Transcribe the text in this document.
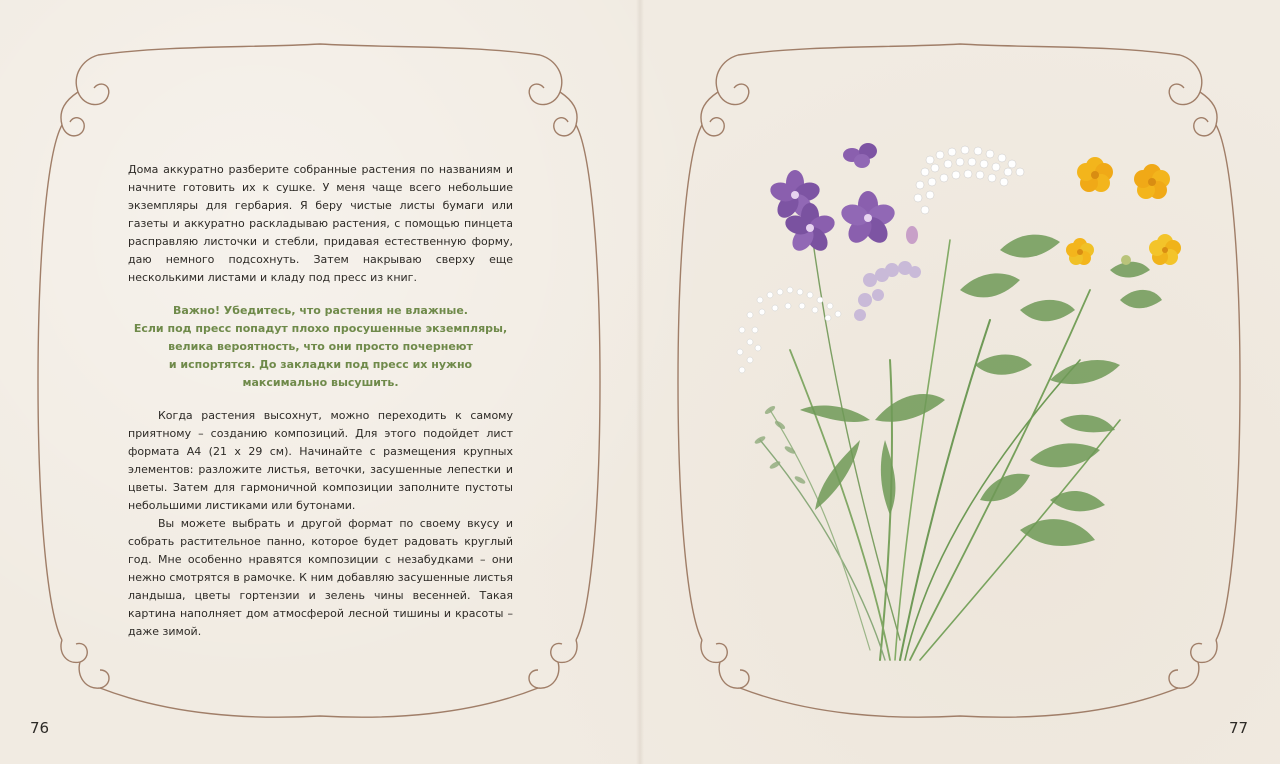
Дома аккуратно разберите собранные растения по названиям и начните готовить их к сушке. У меня чаще всего небольшие экземпляры для гербария. Я беру чистые листы бумаги или газеты и аккуратно раскладываю растения, с помощью пинцета расправляю листочки и стебли, придавая естественную форму, даю немного подсохнуть. Затем накрываю сверху еще несколькими листами и кладу под пресс из книг.

Важно! Убедитесь, что растения не влажные.
Если под пресс попадут плохо просушенные экземпляры,
велика вероятность, что они просто почернеют
и испортятся. До закладки под пресс их нужно
максимально высушить.

Когда растения высохнут, можно переходить к самому приятному – созданию композиций. Для этого подойдет лист формата А4 (21 х 29 см). Начинайте с размещения крупных элементов: разложите листья, веточки, засушенные лепестки и цветы. Затем для гармоничной композиции заполните пустоты небольшими листиками или бутонами.

Вы можете выбрать и другой формат по своему вкусу и собрать растительное панно, которое будет радовать круглый год. Мне особенно нравятся композиции с незабудками – они нежно смотрятся в рамочке. К ним добавляю засушенные листья ландыша, цветы гортензии и зелень чины весенней. Такая картина наполняет дом атмосферой лесной тишины и красоты – даже зимой.

76	77
